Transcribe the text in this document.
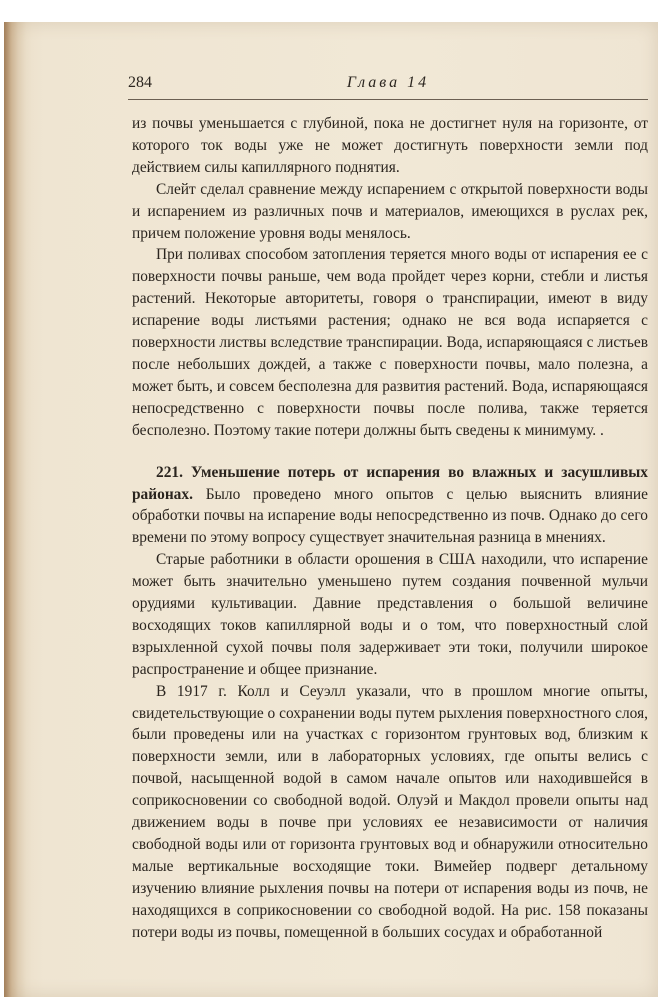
284	Глава 14

из почвы уменьшается с глубиной, пока не достигнет нуля на горизонте, от которого ток воды уже не может достигнуть поверхности земли под действием силы капиллярного поднятия.

Слейт сделал сравнение между испарением с открытой поверхности воды и испарением из различных почв и материалов, имеющихся в руслах рек, причем положение уровня воды менялось.

При поливах способом затопления теряется много воды от испарения ее с поверхности почвы раньше, чем вода пройдет через корни, стебли и листья растений. Некоторые авторитеты, говоря о транспирации, имеют в виду испарение воды листьями растения; однако не вся вода испаряется с поверхности листвы вследствие транспирации. Вода, испаряющаяся с листьев после небольших дождей, а также с поверхности почвы, мало полезна, а может быть, и совсем бесполезна для развития растений. Вода, испаряющаяся непосредственно с поверхности почвы после полива, также теряется бесполезно. Поэтому такие потери должны быть сведены к минимуму. .

221. Уменьшение потерь от испарения во влажных и засушливых районах. Было проведено много опытов с целью выяснить влияние обработки почвы на испарение воды непосредственно из почв. Однако до сего времени по этому вопросу существует значительная разница в мнениях.

Старые работники в области орошения в США находили, что испарение может быть значительно уменьшено путем создания почвенной мульчи орудиями культивации. Давние представления о большой величине восходящих токов капиллярной воды и о том, что поверхностный слой взрыхленной сухой почвы поля задерживает эти токи, получили широкое распространение и общее признание.

В 1917 г. Колл и Сеуэлл указали, что в прошлом многие опыты, свидетельствующие о сохранении воды путем рыхления поверхностного слоя, были проведены или на участках с горизонтом грунтовых вод, близким к поверхности земли, или в лабораторных условиях, где опыты велись с почвой, насыщенной водой в самом начале опытов или находившейся в соприкосновении со свободной водой. Олуэй и Макдол провели опыты над движением воды в почве при условиях ее независимости от наличия свободной воды или от горизонта грунтовых вод и обнаружили относительно малые вертикальные восходящие токи. Вимейер подверг детальному изучению влияние рыхления почвы на потери от испарения воды из почв, не находящихся в соприкосновении со свободной водой. На рис. 158 показаны потери воды из почвы, помещенной в больших сосудах и обработанной
